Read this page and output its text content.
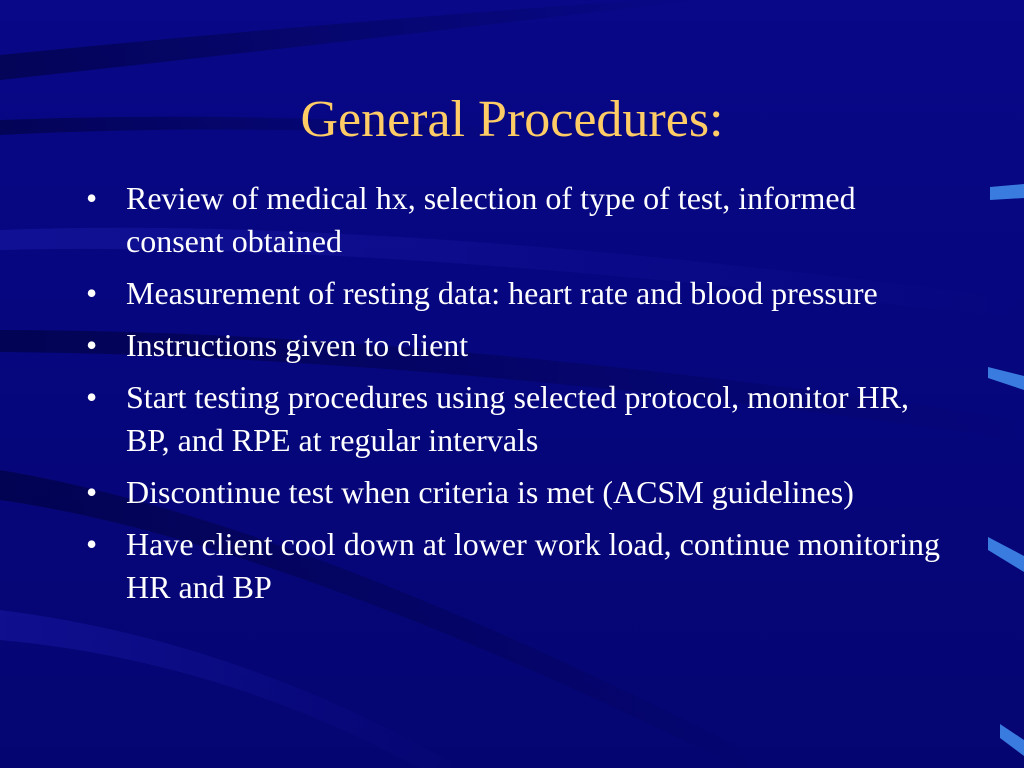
General Procedures:
• Review of medical hx, selection of type of test, informed consent obtained
• Measurement of resting data: heart rate and blood pressure
• Instructions given to client
• Start testing procedures using selected protocol, monitor HR, BP, and RPE at regular intervals
• Discontinue test when criteria is met (ACSM guidelines)
• Have client cool down at lower work load, continue monitoring HR and BP
